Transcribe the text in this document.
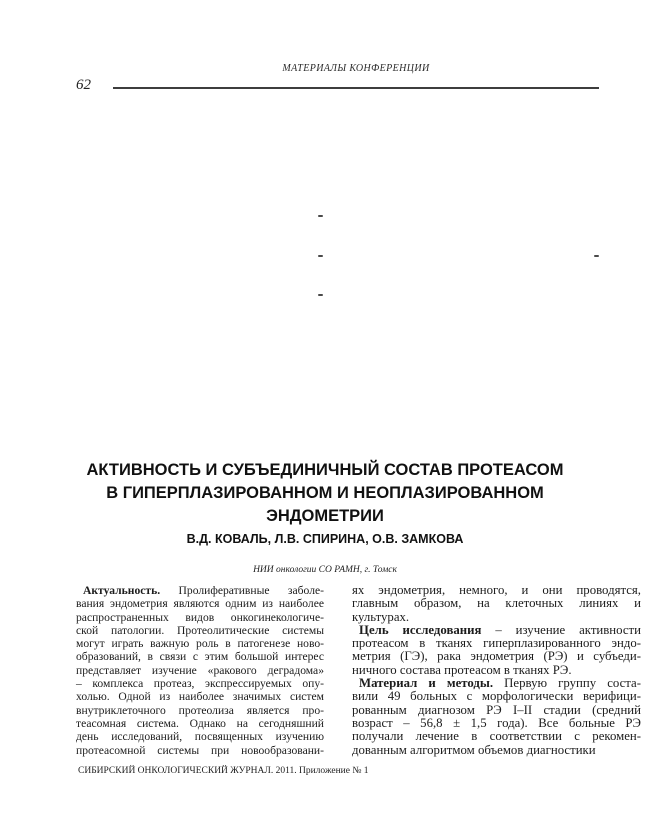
МАТЕРИАЛЫ КОНФЕРЕНЦИИ
62
АКТИВНОСТЬ И СУБЪЕДИНИЧНЫЙ СОСТАВ ПРОТЕАСОМ
В ГИПЕРПЛАЗИРОВАННОМ И НЕОПЛАЗИРОВАННОМ
ЭНДОМЕТРИИ
В.Д. КОВАЛЬ, Л.В. СПИРИНА, О.В. ЗАМКОВА
НИИ онкологии СО РАМН, г. Томск
Актуальность. Пролиферативные заболе-
вания эндометрия являются одним из наиболее
распространенных видов онкогинекологиче-
ской патологии. Протеолитические системы
могут играть важную роль в патогенезе ново-
образований, в связи с этим большой интерес
представляет изучение «ракового деградома»
– комплекса протеаз, экспрессируемых опу-
холью. Одной из наиболее значимых систем
внутриклеточного протеолиза является про-
теасомная система. Однако на сегодняшний
день исследований, посвященных изучению
протеасомной системы при новообразовани-
ях эндометрия, немного, и они проводятся,
главным образом, на клеточных линиях и
культурах.
Цель исследования – изучение активности
протеасом в тканях гиперплазированного эндо-
метрия (ГЭ), рака эндометрия (РЭ) и субъеди-
ничного состава протеасом в тканях РЭ.
Материал и методы. Первую группу соста-
вили 49 больных с морфологически верифици-
рованным диагнозом РЭ I–II стадии (средний
возраст – 56,8 ± 1,5 года). Все больные РЭ
получали лечение в соответствии с рекомен-
дованным алгоритмом объемов диагностики
СИБИРСКИЙ ОНКОЛОГИЧЕСКИЙ ЖУРНАЛ. 2011. Приложение № 1
